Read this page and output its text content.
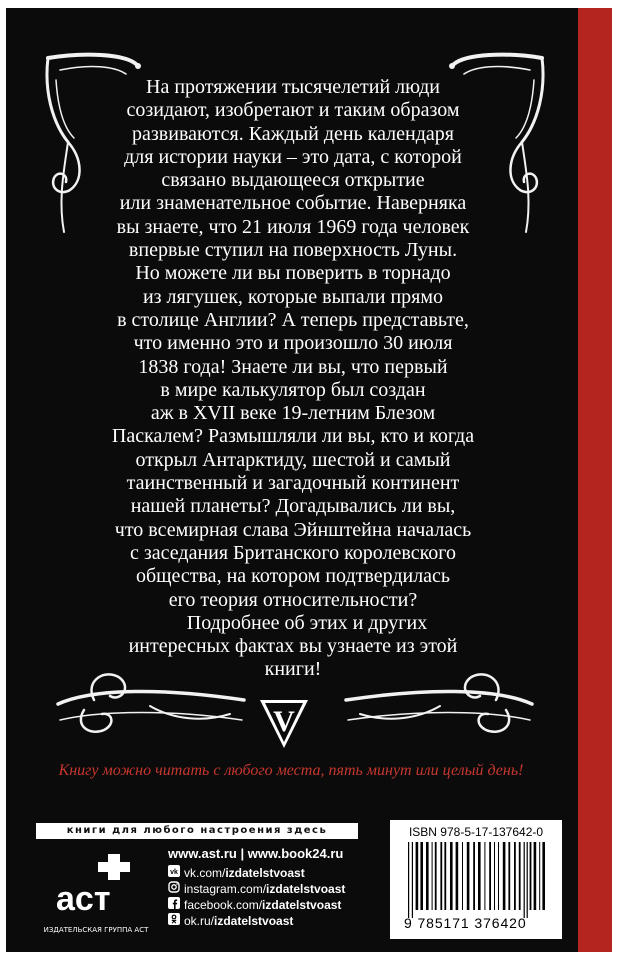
На протяжении тысячелетий люди
созидают, изобретают и таким образом
развиваются. Каждый день календаря
для истории науки – это дата, с которой
связано выдающееся открытие
или знаменательное событие. Наверняка
вы знаете, что 21 июля 1969 года человек
впервые ступил на поверхность Луны.
Но можете ли вы поверить в торнадо
из лягушек, которые выпали прямо
в столице Англии? А теперь представьте,
что именно это и произошло 30 июля
1838 года! Знаете ли вы, что первый
в мире калькулятор был создан
аж в XVII веке 19-летним Блезом
Паскалем? Размышляли ли вы, кто и когда
открыл Антарктиду, шестой и самый
таинственный и загадочный континент
нашей планеты? Догадывались ли вы,
что всемирная слава Эйнштейна началась
с заседания Британского королевского
общества, на котором подтвердилась
его теория относительности?
Подробнее об этих и других
интересных фактах вы узнаете из этой
книги!
V
Книгу можно читать с любого места, пять минут или целый день!
книги для любого настроения здесь
аст
ИЗДАТЕЛЬСКАЯ ГРУППА АСТ
www.ast.ru | www.book24.ru
vk vk.com/izdatelstvoast
instagram.com/izdatelstvoast
facebook.com/izdatelstvoast
ok.ru/izdatelstvoast
ISBN 978-5-17-137642-0
9 785171 376420
